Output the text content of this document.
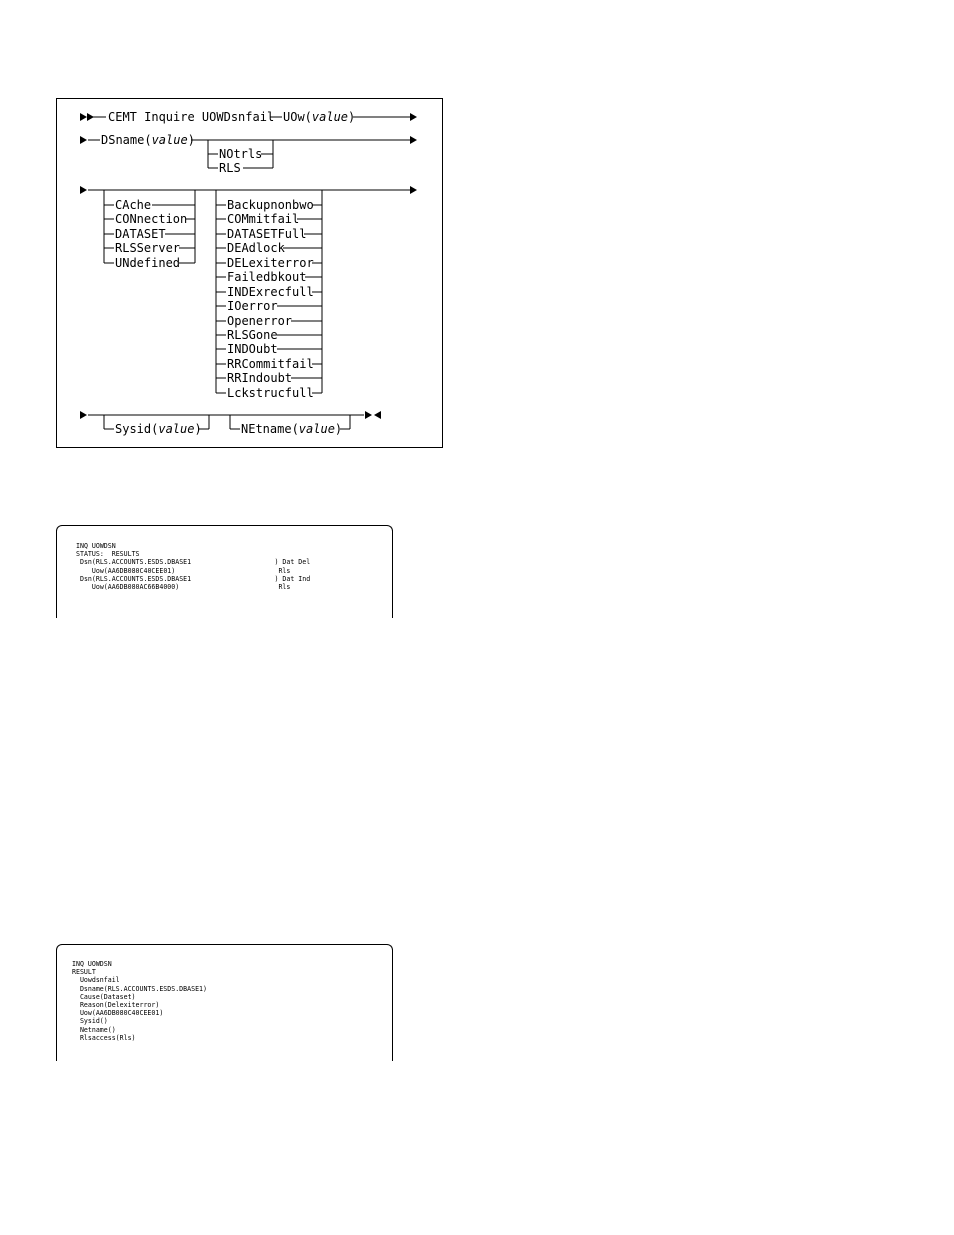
CEMT Inquire UOWDsnfail UOw(value)
DSname(value)
NOtrls
RLS
CAche
CONnection
DATASET
RLSServer
UNdefined
Backupnonbwo
COMmitfail
DATASETFull
DEAdlock
DELexiterror
Failedbkout
INDExrecfull
IOerror
Openerror
RLSGone
INDOubt
RRCommitfail
RRIndoubt
Lckstrucfull
Sysid(value)	NEtname(value)
INQ UOWDSN
STATUS:  RESULTS
Dsn(RLS.ACCOUNTS.ESDS.DBASE1                     ) Dat Del
Uow(AA6DB080C40CEE01)                          Rls
Dsn(RLS.ACCOUNTS.ESDS.DBASE1                     ) Dat Ind
Uow(AA6DB080AC66B4000)                         Rls
INQ UOWDSN
RESULT
Uowdsnfail
Dsname(RLS.ACCOUNTS.ESDS.DBASE1)
Cause(Dataset)
Reason(Delexiterror)
Uow(AA6DB080C40CEE01)
Sysid()
Netname()
Rlsaccess(Rls)
